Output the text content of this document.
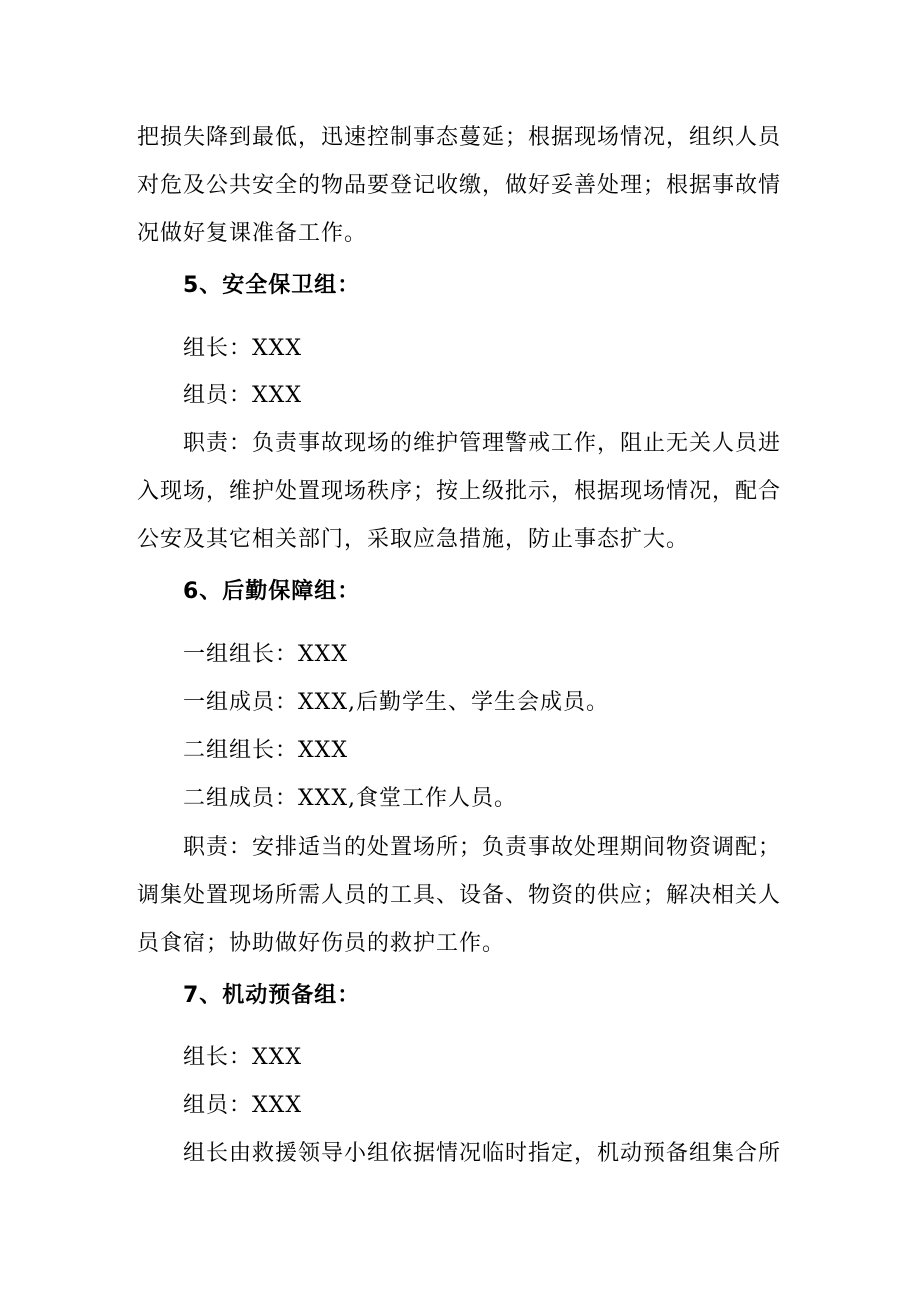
把损失降到最低，迅速控制事态蔓延；根据现场情况，组织人员
对危及公共安全的物品要登记收缴，做好妥善处理；根据事故情
况做好复课准备工作。
5、安全保卫组：
组长：XXX
组员：XXX
职责：负责事故现场的维护管理警戒工作，阻止无关人员进
入现场，维护处置现场秩序；按上级批示，根据现场情况，配合
公安及其它相关部门，采取应急措施，防止事态扩大。
6、后勤保障组：
一组组长：XXX
一组成员：XXX,后勤学生、学生会成员。
二组组长：XXX
二组成员：XXX,食堂工作人员。
职责：安排适当的处置场所；负责事故处理期间物资调配；
调集处置现场所需人员的工具、设备、物资的供应；解决相关人
员食宿；协助做好伤员的救护工作。
7、机动预备组：
组长：XXX
组员：XXX
组长由救援领导小组依据情况临时指定，机动预备组集合所
